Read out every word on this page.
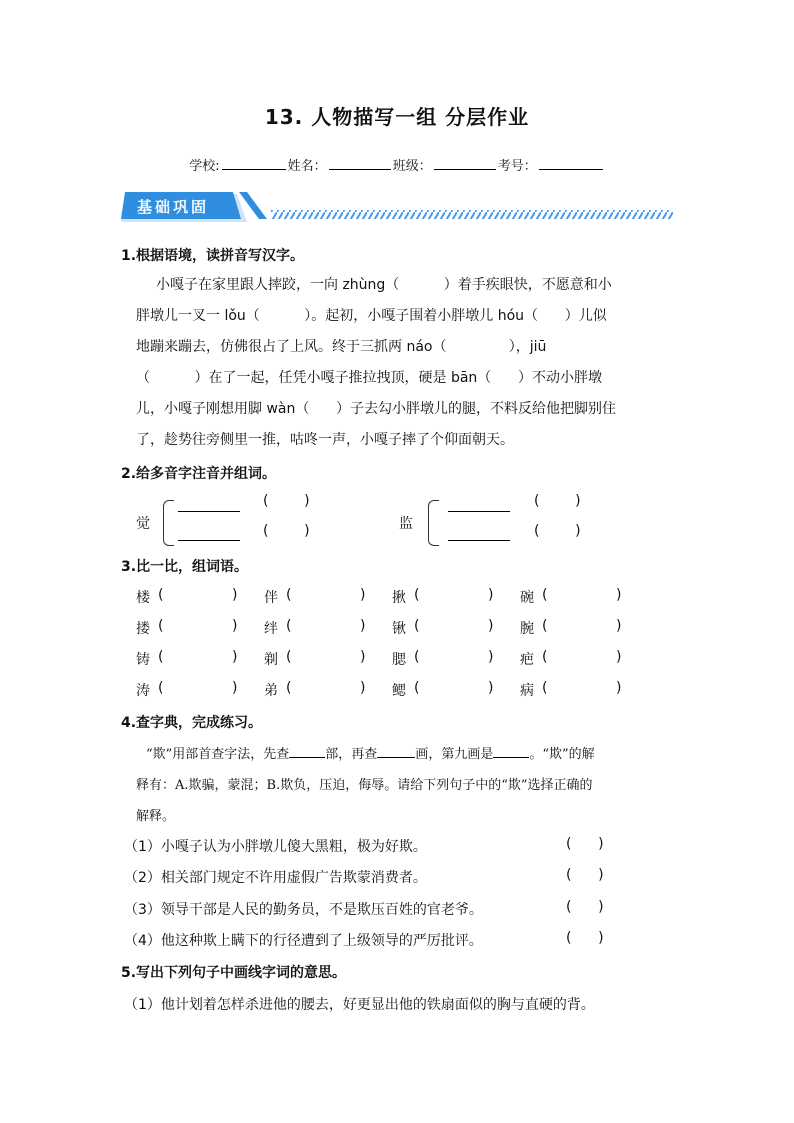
13. 人物描写一组 分层作业
学校:	姓名：	班级：	考号：
基础巩固
1.根据语境，读拼音写汉字。
小嘎子在家里跟人摔跤，一向 zhùng（          ）着手疾眼快，不愿意和小
胖墩儿一叉一 lǒu（          ）。起初，小嘎子围着小胖墩儿 hóu（      ）儿似
地蹦来蹦去，仿佛很占了上风。终于三抓两 náo（              ），jiū
（          ）在了一起，任凭小嘎子推拉拽顶，硬是 bān（      ）不动小胖墩
儿，小嘎子刚想用脚 wàn（      ）子去勾小胖墩儿的腿，不料反给他把脚别住
了，趁势往旁侧里一推，咕咚一声，小嘎子摔了个仰面朝天。
2.给多音字注音并组词。
觉
(        )
(        )	监
(        )
(        )
3.比一比，组词语。
楼 (	) 伴 (	) 揪 (	) 碗 (	)
搂 (	) 绊 (	) 锹 (	) 腕 (	)
铸 (	) 剃 (	) 腮 (	) 疤 (	)
涛 (	) 弟 (	) 鳃 (	) 病 (	)
4.查字典，完成练习。
“欺”用部首查字法，先查	部，再查	画，第九画是	。“欺”的解
释有：A.欺骗，蒙混；B.欺负，压迫，侮辱。请给下列句子中的“欺”选择正确的
解释。
（1）小嘎子认为小胖墩儿傻大黑粗，极为好欺。	(      )
（2）相关部门规定不许用虚假广告欺蒙消费者。	(      )
（3）领导干部是人民的勤务员，不是欺压百姓的官老爷。	(      )
（4）他这种欺上瞒下的行径遭到了上级领导的严厉批评。	(      )
5.写出下列句子中画线字词的意思。
（1）他计划着怎样杀进他的腰去，好更显出他的铁扇面似的胸与直硬的背。
